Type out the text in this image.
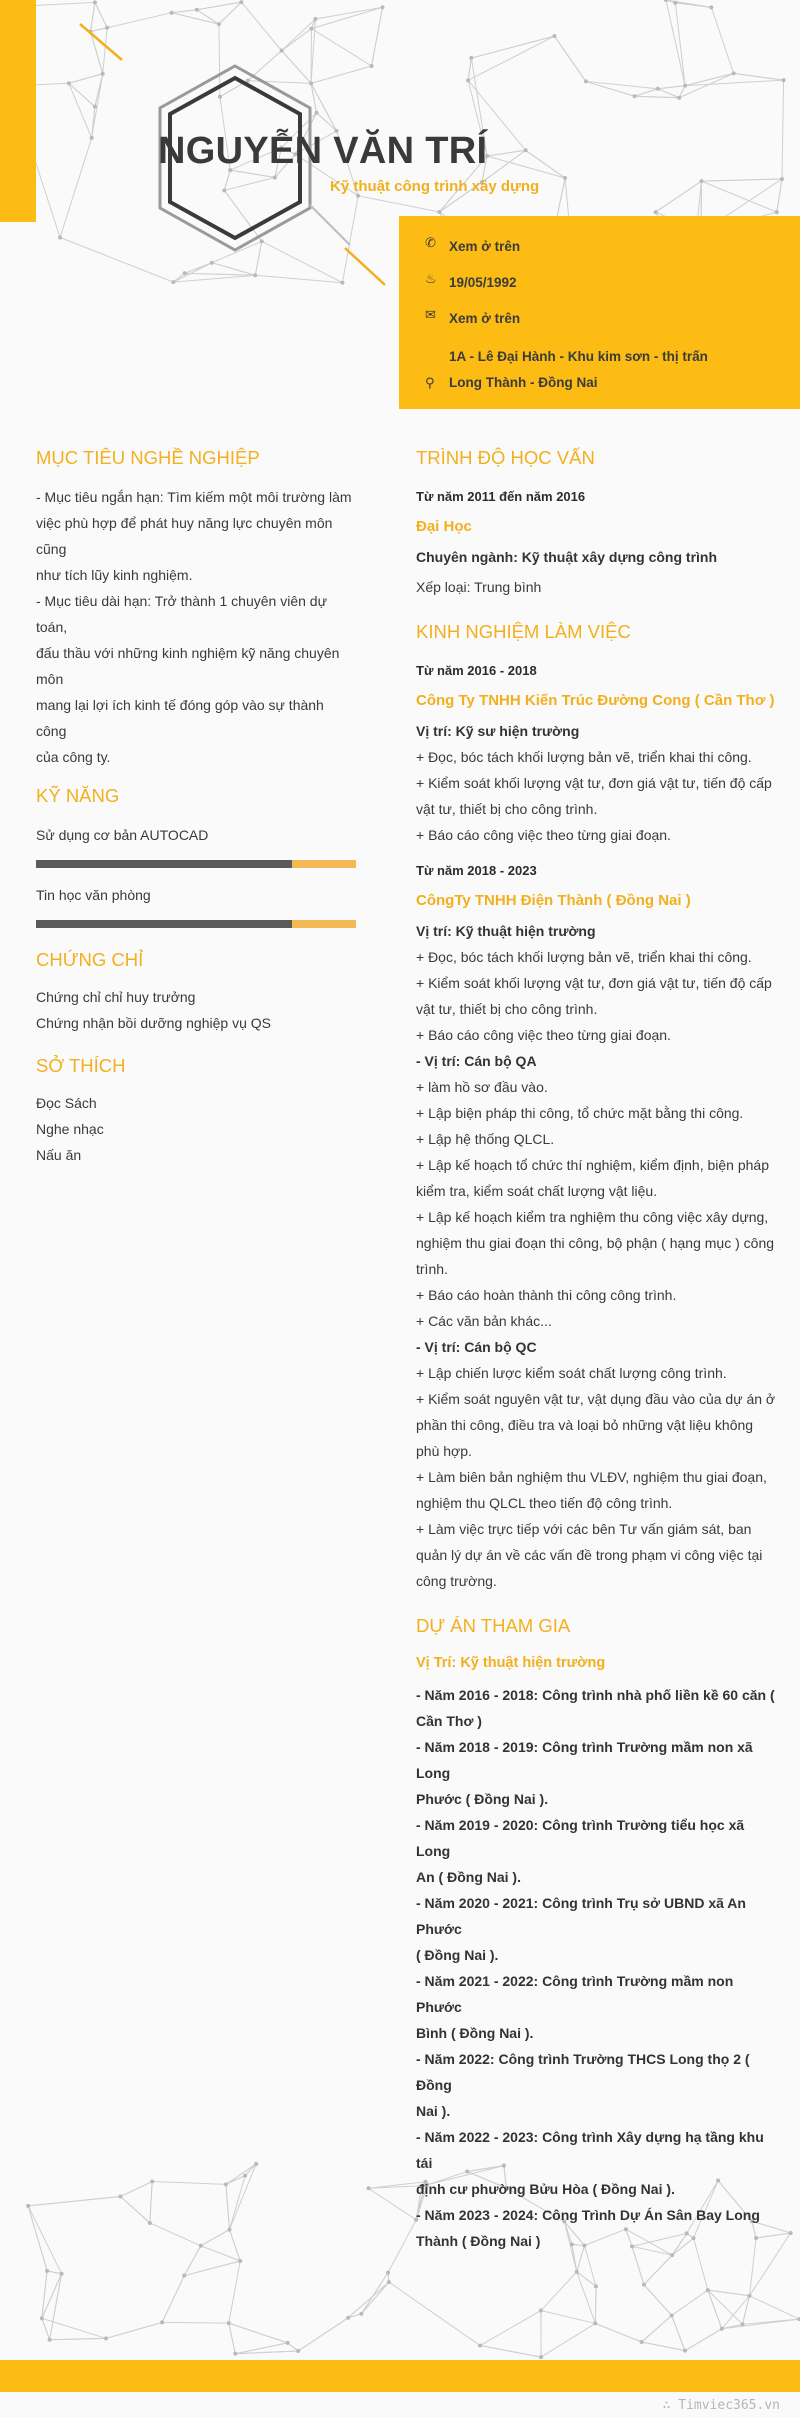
NGUYỄN VĂN TRÍ
Kỹ thuật công trình xây dựng
✆ Xem ở trên
♨ 19/05/1992
✉ Xem ở trên
⚲
1A - Lê Đại Hành - Khu kim sơn - thị trấn
Long Thành - Đồng Nai
MỤC TIÊU NGHỀ NGHIỆP
- Mục tiêu ngắn hạn: Tìm kiếm một môi trường làm
việc phù hợp để phát huy năng lực chuyên môn cũng
như tích lũy kinh nghiệm.
- Mục tiêu dài hạn: Trở thành 1 chuyên viên dự toán,
đấu thầu với những kinh nghiệm kỹ năng chuyên môn
mang lại lợi ích kinh tế đóng góp vào sự thành công
của công ty.
KỸ NĂNG
Sử dụng cơ bản AUTOCAD
Tin học văn phòng
CHỨNG CHỈ
Chứng chỉ chỉ huy trưởng
Chứng nhận bồi dưỡng nghiệp vụ QS
SỞ THÍCH
Đọc Sách
Nghe nhạc
Nấu ăn
TRÌNH ĐỘ HỌC VẤN
Từ năm 2011 đến năm 2016
Đại Học
Chuyên ngành: Kỹ thuật xây dựng công trình
Xếp loại: Trung bình
KINH NGHIỆM LÀM VIỆC
Từ năm 2016 - 2018
Công Ty TNHH Kiến Trúc Đường Cong ( Cần Thơ )
Vị trí: Kỹ sư hiện trường
+ Đọc, bóc tách khối lượng bản vẽ, triển khai thi công.
+ Kiểm soát khối lượng vật tư, đơn giá vật tư, tiến độ cấp
vật tư, thiết bị cho công trình.
+ Báo cáo công việc theo từng giai đoạn.
Từ năm 2018 - 2023
CôngTy TNHH Điện Thành ( Đồng Nai )
Vị trí: Kỹ thuật hiện trường
+ Đọc, bóc tách khối lượng bản vẽ, triển khai thi công.
+ Kiểm soát khối lượng vật tư, đơn giá vật tư, tiến độ cấp
vật tư, thiết bị cho công trình.
+ Báo cáo công việc theo từng giai đoạn.
- Vị trí: Cán bộ QA
+ làm hồ sơ đầu vào.
+ Lập biện pháp thi công, tổ chức mặt bằng thi công.
+ Lập hệ thống QLCL.
+ Lập kế hoạch tổ chức thí nghiệm, kiểm định, biện pháp
kiểm tra, kiểm soát chất lượng vật liệu.
+ Lập kế hoạch kiểm tra nghiệm thu công việc xây dựng,
nghiệm thu giai đoạn thi công, bộ phận ( hạng mục ) công
trình.
+ Báo cáo hoàn thành thi công công trình.
+ Các văn bản khác...
- Vị trí: Cán bộ QC
+ Lập chiến lược kiểm soát chất lượng công trình.
+ Kiểm soát nguyên vật tư, vật dụng đầu vào của dự án ở
phần thi công, điều tra và loại bỏ những vật liệu không
phù hợp.
+ Làm biên bản nghiệm thu VLĐV, nghiệm thu giai đoạn,
nghiệm thu QLCL theo tiến độ công trình.
+ Làm việc trực tiếp với các bên Tư vấn giám sát, ban
quản lý dự án về các vấn đề trong phạm vi công việc tại
công trường.
DỰ ÁN THAM GIA
Vị Trí: Kỹ thuật hiện trường
- Năm 2016 - 2018: Công trình nhà phố liền kề 60 căn (
Cần Thơ )
- Năm 2018 - 2019: Công trình Trường mầm non xã Long
Phước ( Đồng Nai ).
- Năm 2019 - 2020: Công trình Trường tiểu học xã Long
An ( Đồng Nai ).
- Năm 2020 - 2021: Công trình Trụ sở UBND xã An Phước
( Đồng Nai ).
- Năm 2021 - 2022: Công trình Trường mầm non Phước
Bình ( Đồng Nai ).
- Năm 2022: Công trình Trường THCS Long thọ 2 ( Đồng
Nai ).
- Năm 2022 - 2023: Công trình Xây dựng hạ tầng khu tái
định cư phường Bửu Hòa ( Đồng Nai ).
- Năm 2023 - 2024: Công Trình Dự Án Sân Bay Long
Thành ( Đồng Nai )
∴ Timviec365.vn
